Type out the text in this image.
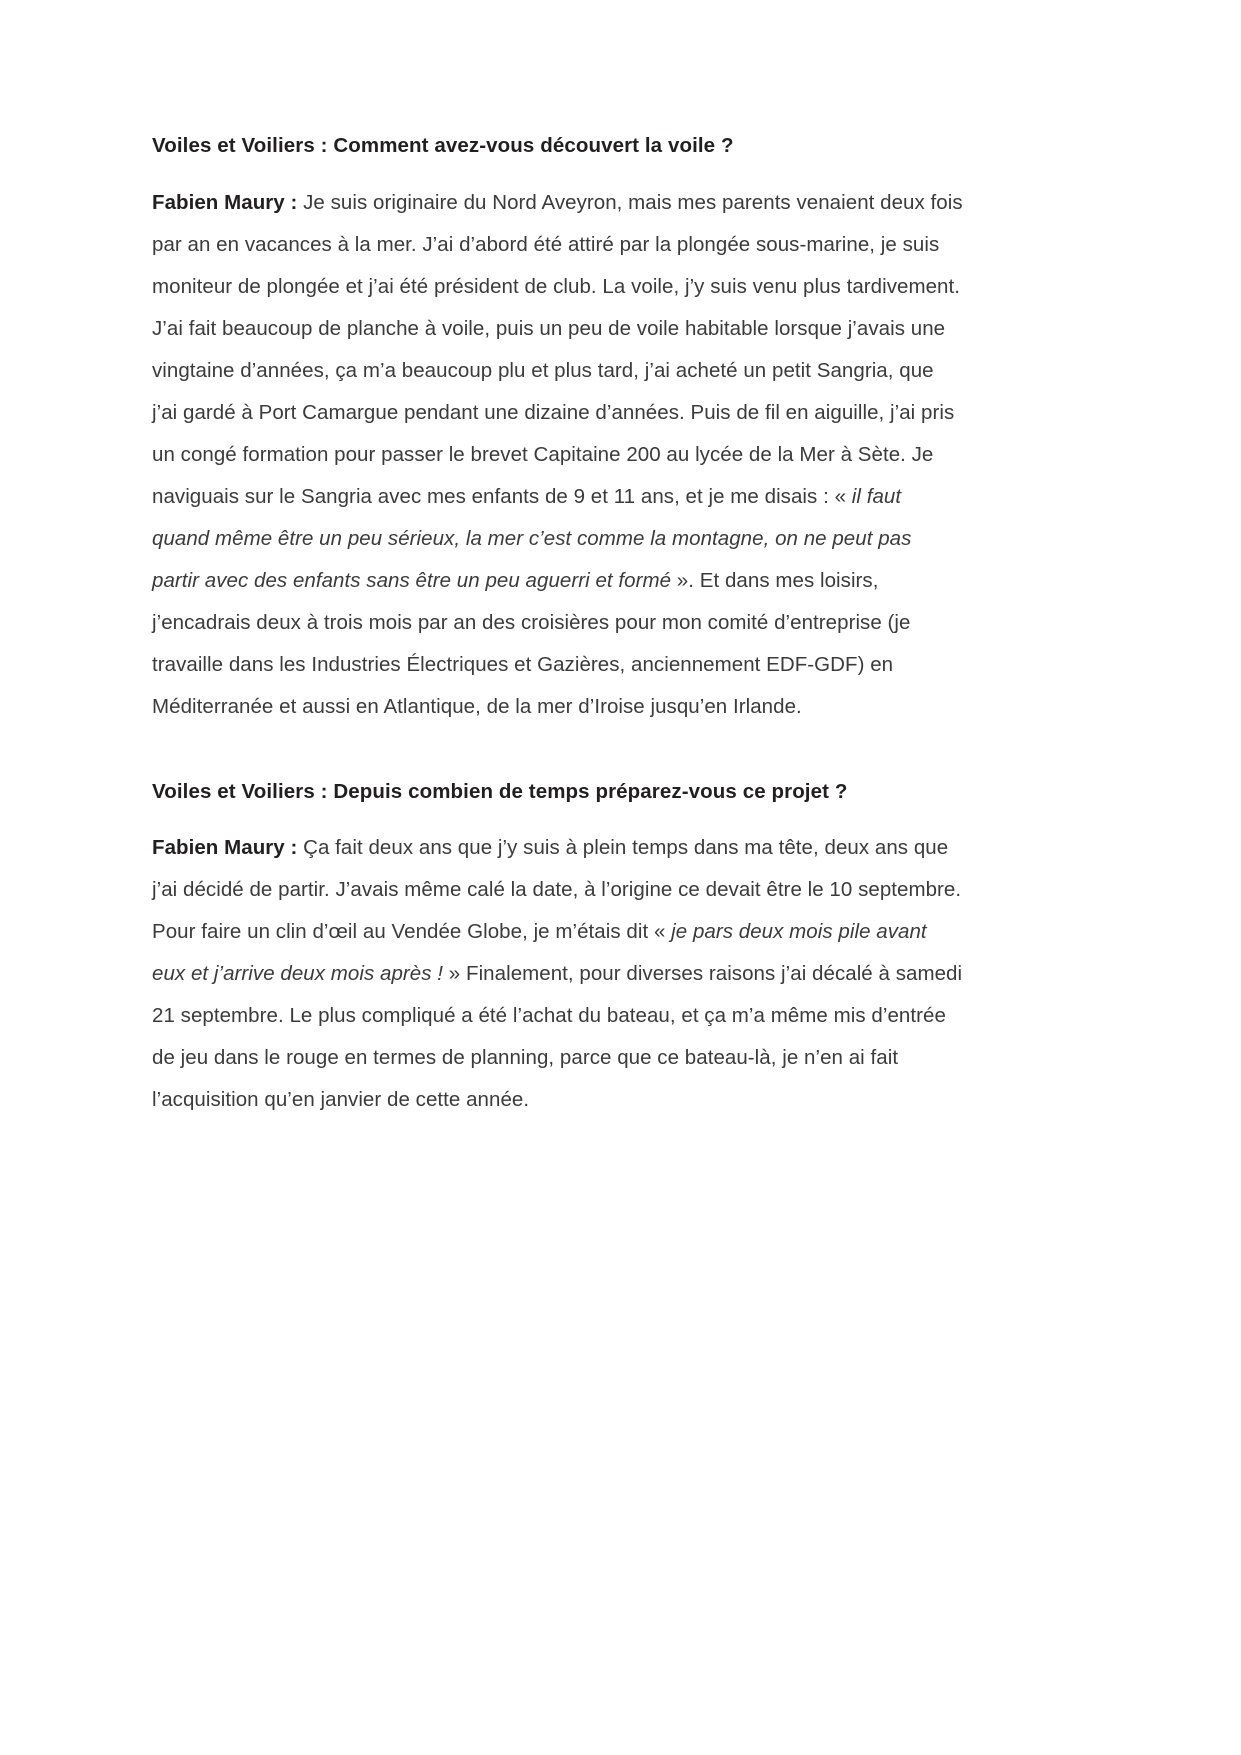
Voiles et Voiliers : Comment avez-vous découvert la voile ?

Fabien Maury : Je suis originaire du Nord Aveyron, mais mes parents venaient deux fois par an en vacances à la mer. J’ai d’abord été attiré par la plongée sous-marine, je suis moniteur de plongée et j’ai été président de club. La voile, j’y suis venu plus tardivement. J’ai fait beaucoup de planche à voile, puis un peu de voile habitable lorsque j’avais une vingtaine d’années, ça m’a beaucoup plu et plus tard, j’ai acheté un petit Sangria, que j’ai gardé à Port Camargue pendant une dizaine d’années. Puis de fil en aiguille, j’ai pris un congé formation pour passer le brevet Capitaine 200 au lycée de la Mer à Sète. Je naviguais sur le Sangria avec mes enfants de 9 et 11 ans, et je me disais : « il faut quand même être un peu sérieux, la mer c’est comme la montagne, on ne peut pas partir avec des enfants sans être un peu aguerri et formé ». Et dans mes loisirs, j’encadrais deux à trois mois par an des croisières pour mon comité d’entreprise (je travaille dans les Industries Électriques et Gazières, anciennement EDF-GDF) en Méditerranée et aussi en Atlantique, de la mer d’Iroise jusqu’en Irlande.

Voiles et Voiliers : Depuis combien de temps préparez-vous ce projet ?

Fabien Maury : Ça fait deux ans que j’y suis à plein temps dans ma tête, deux ans que j’ai décidé de partir. J’avais même calé la date, à l’origine ce devait être le 10 septembre. Pour faire un clin d’œil au Vendée Globe, je m’étais dit « je pars deux mois pile avant eux et j’arrive deux mois après ! » Finalement, pour diverses raisons j’ai décalé à samedi 21 septembre. Le plus compliqué a été l’achat du bateau, et ça m’a même mis d’entrée de jeu dans le rouge en termes de planning, parce que ce bateau-là, je n’en ai fait l’acquisition qu’en janvier de cette année.
